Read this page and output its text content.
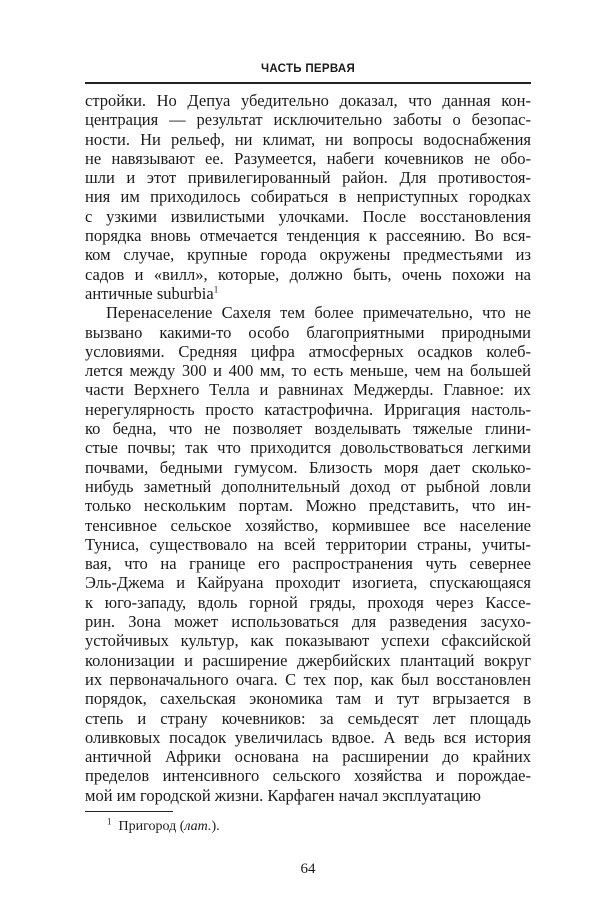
ЧАСТЬ ПЕРВАЯ
стройки. Но Депуа убедительно доказал, что данная кон-
центрация — результат исключительно заботы о безопас-
ности. Ни рельеф, ни климат, ни вопросы водоснабжения
не навязывают ее. Разумеется, набеги кочевников не обо-
шли и этот привилегированный район. Для противостоя-
ния им приходилось собираться в неприступных городках
с узкими извилистыми улочками. После восстановления
порядка вновь отмечается тенденция к рассеянию. Во вся-
ком случае, крупные города окружены предместьями из
садов и «вилл», которые, должно быть, очень похожи на
античные suburbia$^1$
Перенаселение Сахеля тем более примечательно, что не
вызвано какими-то особо благоприятными природными
условиями. Средняя цифра атмосферных осадков колеб-
лется между 300 и 400 мм, то есть меньше, чем на большей
части Верхнего Телла и равнинах Меджерды. Главное: их
нерегулярность просто катастрофична. Ирригация настоль-
ко бедна, что не позволяет возделывать тяжелые глини-
стые почвы; так что приходится довольствоваться легкими
почвами, бедными гумусом. Близость моря дает сколько-
нибудь заметный дополнительный доход от рыбной ловли
только нескольким портам. Можно представить, что ин-
тенсивное сельское хозяйство, кормившее все население
Туниса, существовало на всей территории страны, учиты-
вая, что на границе его распространения чуть севернее
Эль-Джема и Кайруана проходит изогиета, спускающаяся
к юго-западу, вдоль горной гряды, проходя через Кассе-
рин. Зона может использоваться для разведения засухо-
устойчивых культур, как показывают успехи сфаксийской
колонизации и расширение джербийских плантаций вокруг
их первоначального очага. С тех пор, как был восстановлен
порядок, сахельская экономика там и тут вгрызается в
степь и страну кочевников: за семьдесят лет площадь
оливковых посадок увеличилась вдвое. А ведь вся история
античной Африки основана на расширении до крайних
пределов интенсивного сельского хозяйства и порождае-
мой им городской жизни. Карфаген начал эксплуатацию
$^1$ Пригород (лат.).
64
